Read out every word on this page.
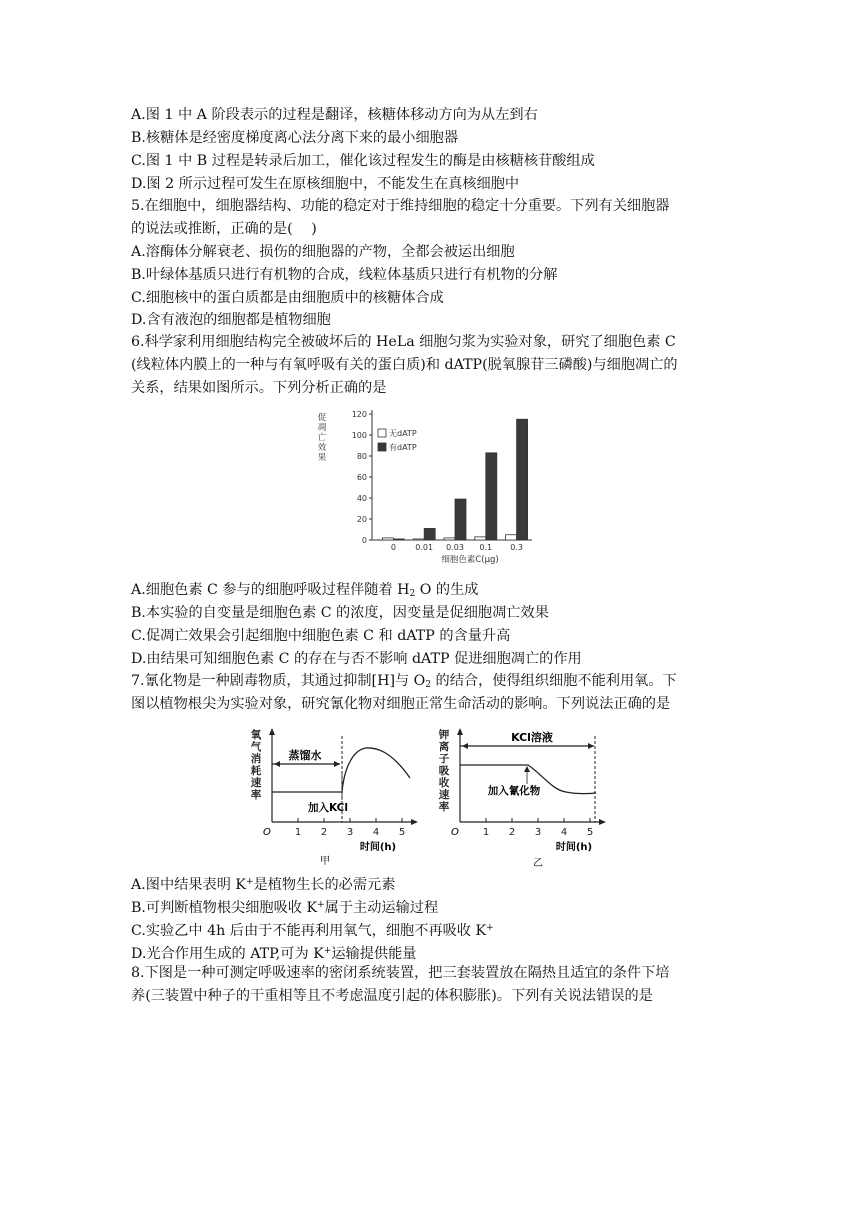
A.图 1 中 A 阶段表示的过程是翻译，核糖体移动方向为从左到右
B.核糖体是经密度梯度离心法分离下来的最小细胞器
C.图 1 中 B 过程是转录后加工，催化该过程发生的酶是由核糖核苷酸组成
D.图 2 所示过程可发生在原核细胞中，不能发生在真核细胞中
5.在细胞中，细胞器结构、功能的稳定对于维持细胞的稳定十分重要。下列有关细胞器
的说法或推断，正确的是(　 )
A.溶酶体分解衰老、损伤的细胞器的产物，全都会被运出细胞
B.叶绿体基质只进行有机物的合成，线粒体基质只进行有机物的分解
C.细胞核中的蛋白质都是由细胞质中的核糖体合成
D.含有液泡的细胞都是植物细胞
6.科学家利用细胞结构完全被破坏后的 HeLa 细胞匀浆为实验对象，研究了细胞色素 C
(线粒体内膜上的一种与有氧呼吸有关的蛋白质)和 dATP(脱氧腺苷三磷酸)与细胞凋亡的
关系，结果如图所示。下列分析正确的是
促
凋
亡
效
果
0
20
40
60
80
100
120
0 0.01 0.03 0.1 0.3
无dATP
有dATP
细胞色素C(μg)
A.细胞色素 C 参与的细胞呼吸过程伴随着 $H_2$ O 的生成
B.本实验的自变量是细胞色素 C 的浓度，因变量是促细胞凋亡效果
C.促凋亡效果会引起细胞中细胞色素 C 和 dATP 的含量升高
D.由结果可知细胞色素 C 的存在与否不影响 dATP 促进细胞凋亡的作用
7.氰化物是一种剧毒物质，其通过抑制[H]与 $O_2$ 的结合，使得组织细胞不能利用氧。下
图以植物根尖为实验对象，研究氰化物对细胞正常生命活动的影响。下列说法正确的是
氧
气
消
耗
速
率
蒸馏水
加入KCl
O 1 2 3 4 5
时间(h)
甲
钾
离
子
吸
收
速
率
KCl溶液
加入氰化物
O 1 2 3 4 5
时间(h)
乙
A.图中结果表明 K+是植物生长的必需元素
B.可判断植物根尖细胞吸收 K+属于主动运输过程
C.实验乙中 4h 后由于不能再利用氧气，细胞不再吸收 K+
D.光合作用生成的 ATP,可为 K+运输提供能量
8.下图是一种可测定呼吸速率的密闭系统装置，把三套装置放在隔热且适宜的条件下培
养(三装置中种子的干重相等且不考虑温度引起的体积膨胀)。下列有关说法错误的是
